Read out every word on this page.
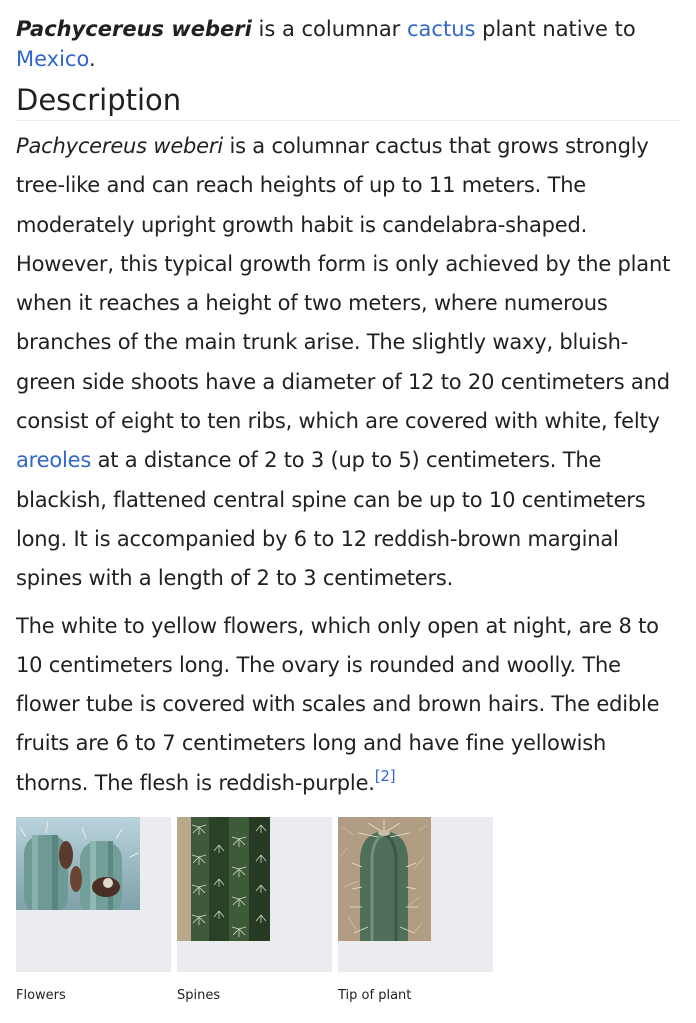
Pachycereus weberi is a columnar cactus plant native to Mexico.

Description

Pachycereus weberi is a columnar cactus that grows strongly tree-like and can reach heights of up to 11 meters. The moderately upright growth habit is candelabra-shaped. However, this typical growth form is only achieved by the plant when it reaches a height of two meters, where numerous branches of the main trunk arise. The slightly waxy, bluish-green side shoots have a diameter of 12 to 20 centimeters and consist of eight to ten ribs, which are covered with white, felty areoles at a distance of 2 to 3 (up to 5) centimeters. The blackish, flattened central spine can be up to 10 centimeters long. It is accompanied by 6 to 12 reddish-brown marginal spines with a length of 2 to 3 centimeters.

The white to yellow flowers, which only open at night, are 8 to 10 centimeters long. The ovary is rounded and woolly. The flower tube is covered with scales and brown hairs. The edible fruits are 6 to 7 centimeters long and have fine yellowish thorns. The flesh is reddish-purple.[2]

Flowers	Spines	Tip of plant
